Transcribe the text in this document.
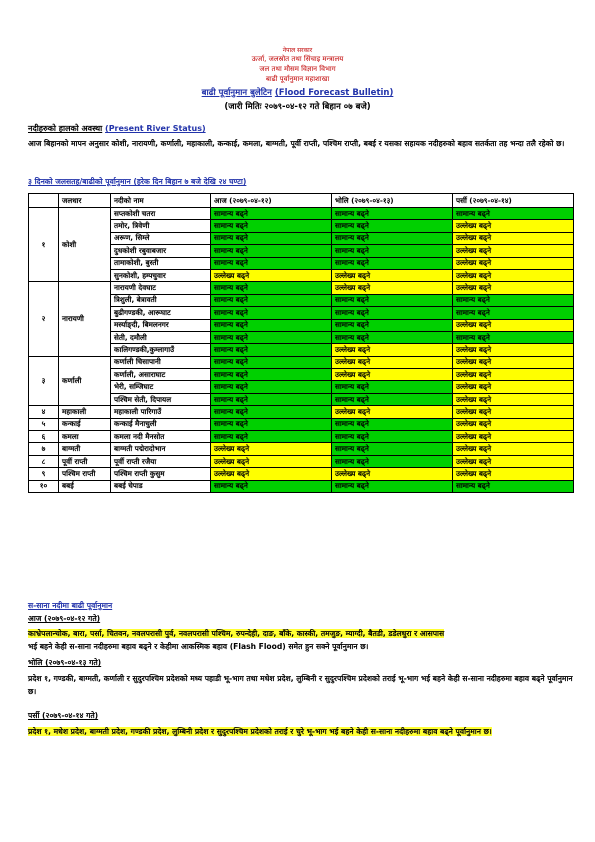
नेपाल सरकार
ऊर्जा, जलस्रोत तथा सिंचाइ मन्त्रालय
जल तथा मौसम विज्ञान विभाग
बाढी पूर्वानुमान महाशाखा
बाढी पूर्वानुमान बुलेटिन (Flood Forecast Bulletin)
(जारी मितिः २०७९-०४-१२ गते बिहान ०७ बजे)
नदीहरुको हालको अवस्था (Present River Status)
आज बिहानको मापन अनुसार कोशी, नारायणी, कर्णाली, महाकाली, कन्काई, कमला, बाग्मती, पूर्वी राप्ती, पश्चिम राप्ती, बबई र यसका सहायक नदीहरुको बहाव सतर्कता तह भन्दा तलै रहेको छ।
३ दिनको जलसतह/बाढीको पूर्वानुमान (हरेक दिन बिहान ७ बजे देखि २४ घण्टा)
	जलधार	नदीको नाम	आज (२०७९-०४-१२)	भोलि (२०७९-०४-१३)	पर्सी (२०७९-०४-१४)
१	कोशी	सप्तकोशी चतरा	सामान्य बढ्ने	सामान्य बढ्ने	सामान्य बढ्ने
		तमोर, त्रिवेणी	सामान्य बढ्ने	सामान्य बढ्ने	उल्लेख्य बढ्ने
		अरूण, सिम्ले	सामान्य बढ्ने	सामान्य बढ्ने	उल्लेख्य बढ्ने
		दुधकोशी रबुवाबजार	सामान्य बढ्ने	सामान्य बढ्ने	उल्लेख्य बढ्ने
		तामाकोशी, बुस्ती	सामान्य बढ्ने	सामान्य बढ्ने	उल्लेख्य बढ्ने
		सुनकोशी, हम्पचुवार	उल्लेख्य बढ्ने	उल्लेख्य बढ्ने	उल्लेख्य बढ्ने
२	नारायणी	नारायणी देवघाट	सामान्य बढ्ने	उल्लेख्य बढ्ने	उल्लेख्य बढ्ने
		त्रिशुली, बेत्रावती	सामान्य बढ्ने	सामान्य बढ्ने	सामान्य बढ्ने
		बुढीगण्डकी, आरूघाट	सामान्य बढ्ने	सामान्य बढ्ने	सामान्य बढ्ने
		मर्स्याङ्दी, बिमलनगर	सामान्य बढ्ने	सामान्य बढ्ने	उल्लेख्य बढ्ने
		सेती, दमौली	सामान्य बढ्ने	सामान्य बढ्ने	सामान्य बढ्ने
		कालिगण्डकी,कुम्लागाउँ	सामान्य बढ्ने	उल्लेख्य बढ्ने	उल्लेख्य बढ्ने
३	कर्णाली	कर्णाली चिसापानी	सामान्य बढ्ने	उल्लेख्य बढ्ने	उल्लेख्य बढ्ने
		कर्णाली, असाराघाट	सामान्य बढ्ने	उल्लेख्य बढ्ने	उल्लेख्य बढ्ने
		भेरी, सम्जिघाट	सामान्य बढ्ने	सामान्य बढ्ने	उल्लेख्य बढ्ने
		पश्चिम सेती, दिपायल	सामान्य बढ्ने	सामान्य बढ्ने	उल्लेख्य बढ्ने
४	महाकाली	महाकाली पारिगाउँ	सामान्य बढ्ने	उल्लेख्य बढ्ने	उल्लेख्य बढ्ने
५	कन्काई	कन्काई मैनाचुली	सामान्य बढ्ने	सामान्य बढ्ने	उल्लेख्य बढ्ने
६	कमला	कमला नदी मैनसोत	सामान्य बढ्ने	सामान्य बढ्ने	उल्लेख्य बढ्ने
७	बाग्मती	बाग्मती पद्मेरादोभान	उल्लेख्य बढ्ने	सामान्य बढ्ने	उल्लेख्य बढ्ने
८	पूर्वी राप्ती	पूर्वी राप्ती रजैया	उल्लेख्य बढ्ने	सामान्य बढ्ने	उल्लेख्य बढ्ने
९	पश्चिम राप्ती	पश्चिम राप्ती कुसुम	उल्लेख्य बढ्ने	उल्लेख्य बढ्ने	उल्लेख्य बढ्ने
१०	बबई	बबई चेपाड	सामान्य बढ्ने	सामान्य बढ्ने	सामान्य बढ्ने
स-साना नदीमा बाढी पूर्वानुमान
आज (२०७९-०४-१२ गते)
काभ्रेपलान्चोक, बारा, पर्सा, चितवन, नवलपरासी पुर्व, नवलपरासी पश्चिम, रुपन्देही, दाङ, बाँके, कास्की, तमजुङ, म्याग्दी, बैतडी, डडेलधुरा र आसपास
भई बहने केही स-साना नदीहरुमा बहाव बढ्ने र केहीमा आकस्मिक बहाव (Flash Flood) समेत हुन सक्ने पूर्वानुमान छ।
भोलि (२०७९-०४-१३ गते)
प्रदेश १, गण्डकी, बाग्मती, कर्णाली र सुदुरपश्चिम प्रदेशको मध्य पहाडी भू-भाग तथा मधेश प्रदेश, लुम्बिनी र सुदुरपश्चिम प्रदेशको तराई भू-भाग भई बहने केही स-साना नदीहरुमा बहाव बढ्ने पूर्वानुमान छ।
पर्सी (२०७९-०४-१४ गते)
प्रदेश १, मधेश प्रदेश, बाग्मती प्रदेश, गण्डकी प्रदेश, लुम्बिनी प्रदेश र सुदुरपश्चिम प्रदेशको तराई र चुरे भू-भाग भई बहने केही स-साना नदीहरुमा बहाव बढ्ने पूर्वानुमान छ।
